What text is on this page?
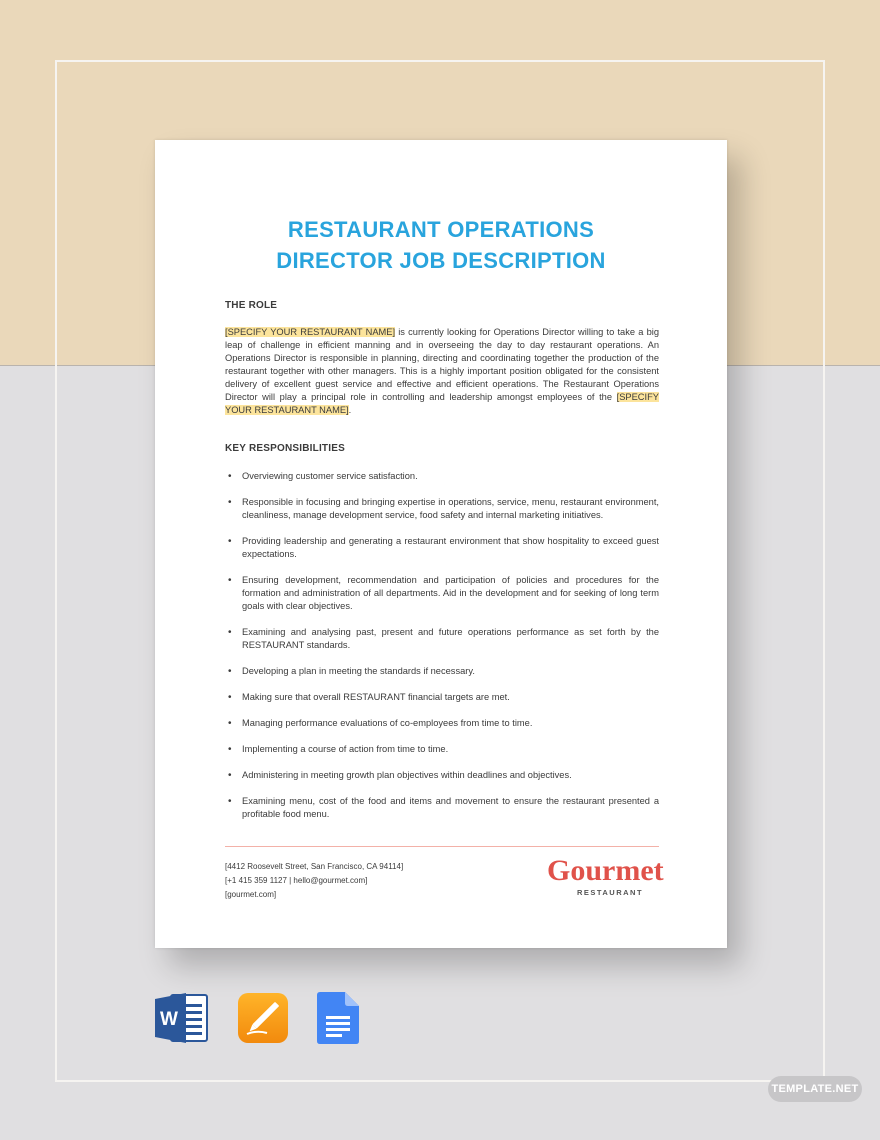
RESTAURANT OPERATIONS
DIRECTOR JOB DESCRIPTION
THE ROLE
[SPECIFY YOUR RESTAURANT NAME] is currently looking for Operations Director willing to take a big leap of challenge in efficient manning and in overseeing the day to day restaurant operations. An Operations Director is responsible in planning, directing and coordinating together the production of the restaurant together with other managers. This is a highly important position obligated for the consistent delivery of excellent guest service and effective and efficient operations. The Restaurant Operations Director will play a principal role in controlling and leadership amongst employees of the [SPECIFY YOUR RESTAURANT NAME].
KEY RESPONSIBILITIES
• Overviewing customer service satisfaction.
• Responsible in focusing and bringing expertise in operations, service, menu, restaurant environment, cleanliness, manage development service, food safety and internal marketing initiatives.
• Providing leadership and generating a restaurant environment that show hospitality to exceed guest expectations.
• Ensuring development, recommendation and participation of policies and procedures for the formation and administration of all departments. Aid in the development and for seeking of long term goals with clear objectives.
• Examining and analysing past, present and future operations performance as set forth by the RESTAURANT standards.
• Developing a plan in meeting the standards if necessary.
• Making sure that overall RESTAURANT financial targets are met.
• Managing performance evaluations of co-employees from time to time.
• Implementing a course of action from time to time.
• Administering in meeting growth plan objectives within deadlines and objectives.
• Examining menu, cost of the food and items and movement to ensure the restaurant presented a profitable food menu.
[4412 Roosevelt Street, San Francisco, CA 94114]
[+1 415 359 1127 | hello@gourmet.com]
[gourmet.com]
Gourmet
RESTAURANT
W
TEMPLATE.NET
